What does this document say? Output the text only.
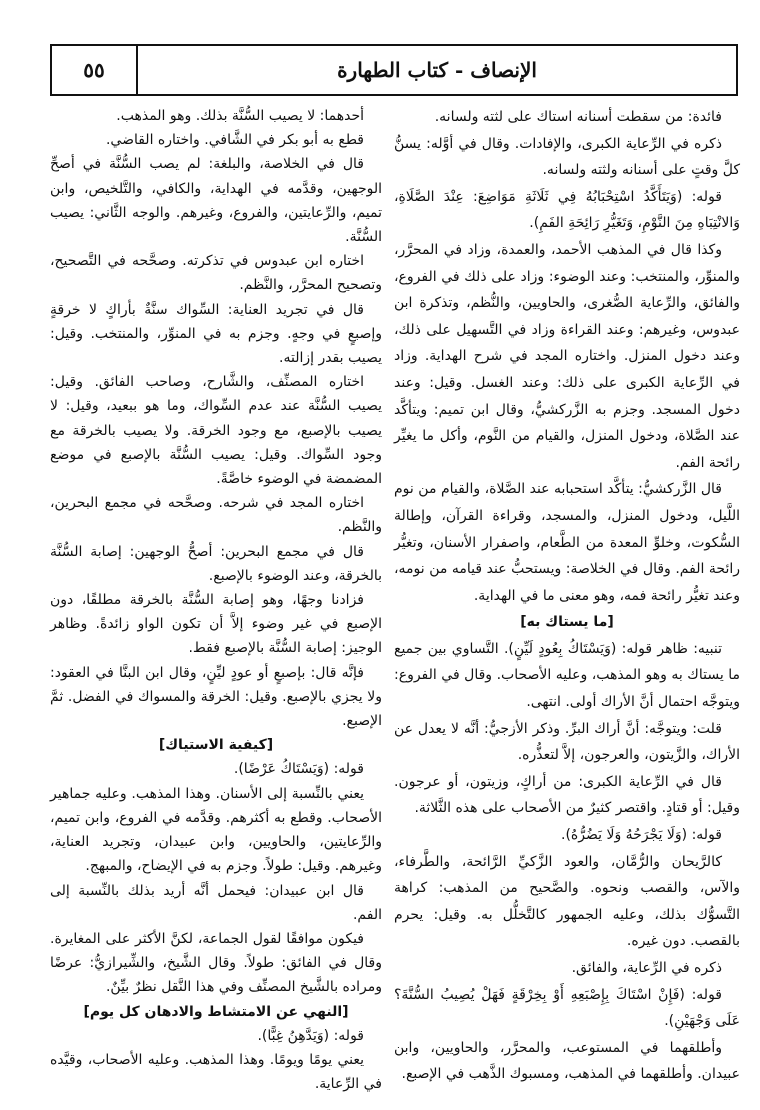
٥٥	الإنصاف - كتاب الطهارة

فائدة: من سقطت أسنانه استاك على لثته ولسانه.

ذكره في الرِّعاية الكبرى، والإفادات. وقال في أوَّله: يسنُّ كلَّ وقتٍ على أسنانه ولثته ولسانه.

قوله: (وَيَتَأَكَّدُ اسْتِحْبَابُهُ فِي ثَلَاثَةِ مَوَاضِعَ: عِنْدَ الصَّلَاةِ، وَالانْتِبَاهِ مِنَ النَّوْمِ، وَتَغَيُّرِ رَائِحَةِ الفَمِ).

وكذا قال في المذهب الأحمد، والعمدة، وزاد في المحرَّر، والمنوِّر، والمنتخب: وعند الوضوء: وزاد على ذلك في الفروع، والفائق، والرِّعاية الصُّغرى، والحاويين، والنُّظم، وتذكرة ابن عبدوس، وغيرهم: وعند القراءة وزاد في التَّسهيل على ذلك، وعند دخول المنزل. واختاره المجد في شرح الهداية. وزاد في الرِّعاية الكبرى على ذلك: وعند الغسل. وقيل: وعند دخول المسجد. وجزم به الزَّركشيُّ، وقال ابن تميم: ويتأكَّد عند الصَّلاة، ودخول المنزل، والقيام من النَّوم، وأكل ما يغيِّر رائحة الفم.

قال الزَّركشيُّ: يتأكَّد استحبابه عند الصَّلاة، والقيام من نوم اللَّيل، ودخول المنزل، والمسجد، وقراءة القرآن، وإطالة السُّكوت، وخلوِّ المعدة من الطَّعام، واصفرار الأسنان، وتغيُّر رائحة الفم. وقال في الخلاصة: ويستحبُّ عند قيامه من نومه، وعند تغيُّر رائحة فمه، وهو معنى ما في الهداية.

[ما يستاك به]

تنبيه: ظاهر قوله: (وَيَسْتَاكُ بِعُودٍ لَيِّنٍ). التَّساوي بين جميع ما يستاك به وهو المذهب، وعليه الأصحاب. وقال في الفروع: ويتوجَّه احتمال أنَّ الأراك أولى. انتهى.

قلت: ويتوجَّه: أنَّ أراك البرِّ. وذكر الأزجيُّ: أنَّه لا يعدل عن الأراك، والزَّيتون، والعرجون، إلاَّ لتعذُّره.

قال في الرِّعاية الكبرى: من أراكٍ، وزيتون، أو عرجون. وقيل: أو قتادٍ. واقتصر كثيرٌ من الأصحاب على هذه الثَّلاثة.

قوله: (وَلَا يَجْرَحُهُ وَلَا يَضُرُّهُ).

كالرَّيحان والرُّمَّان، والعود الزَّكيِّ الرَّائحة، والطَّرفاء، والآس، والقصب ونحوه. والصَّحيح من المذهب: كراهة التَّسوُّك بذلك، وعليه الجمهور كالتَّخلُّل به. وقيل: يحرم بالقصب. دون غيره.

ذكره في الرِّعاية، والفائق.

قوله: (فَإِنْ اسْتَاكَ بِإِصْبَعِهِ أَوْ بِخِرْقَةٍ فَهَلْ يُصِيبُ السُّنَّةَ؟ عَلَى وَجْهَيْنِ).

وأطلقهما في المستوعب، والمحرَّر، والحاويين، وابن عبيدان. وأطلقهما في المذهب، ومسبوك الذَّهب في الإصبع.

أحدهما: لا يصيب السُّنَّة بذلك. وهو المذهب.

قطع به أبو بكر في الشَّافي. واختاره القاضي.

قال في الخلاصة، والبلغة: لم يصب السُّنَّة في أصحِّ الوجهين، وقدَّمه في الهداية، والكافي، والتَّلخيص، وابن تميم، والرِّعايتين، والفروع، وغيرهم. والوجه الثَّاني: يصيب السُّنَّة.

اختاره ابن عبدوس في تذكرته. وصحَّحه في التَّصحيح، وتصحيح المحرَّر، والنَّظم.

قال في تجريد العناية: السِّواك سنَّةٌ بأراكٍ لا خرقةٍ وإصبعٍ في وجهٍ. وجزم به في المنوِّر، والمنتخب. وقيل: يصيب بقدر إزالته.

اختاره المصنِّف، والشَّارح، وصاحب الفائق. وقيل: يصيب السُّنَّة عند عدم السِّواك، وما هو ببعيد، وقيل: لا يصيب بالإصبع، مع وجود الخرقة. ولا يصيب بالخرقة مع وجود السِّواك. وقيل: يصيب السُّنَّة بالإصبع في موضع المضمضة في الوضوء خاصَّةً.

اختاره المجد في شرحه. وصحَّحه في مجمع البحرين، والنَّظم.

قال في مجمع البحرين: أصحُّ الوجهين: إصابة السُّنَّة بالخرقة، وعند الوضوء بالإصبع.

فزادنا وجهًا، وهو إصابة السُّنَّة بالخرقة مطلقًا، دون الإصبع في غير وضوء إلاَّ أن تكون الواو زائدةً. وظاهر الوجيز: إصابة السُّنَّة بالإصبع فقط.

فإنَّه قال: بإصبعٍ أو عودٍ ليِّنٍ، وقال ابن البنَّا في العقود: ولا يجزي بالإصبع. وقيل: الخرقة والمسواك في الفضل. ثمَّ الإصبع.

[كيفية الاستياك]

قوله: (وَيَسْتَاكُ عَرْضًا).

يعني بالنِّسبة إلى الأسنان. وهذا المذهب. وعليه جماهير الأصحاب. وقطع به أكثرهم. وقدَّمه في الفروع، وابن تميم، والرِّعايتين، والحاويين، وابن عبيدان، وتجريد العناية، وغيرهم. وقيل: طولاً. وجزم به في الإيضاح، والمبهج.

قال ابن عبيدان: فيحمل أنَّه أريد بذلك بالنِّسبة إلى الفم.

فيكون موافقًا لقول الجماعة، لكنَّ الأكثر على المغايرة. وقال في الفائق: طولاً. وقال الشَّيخ، والشِّيرازيُّ: عرضًا ومراده بالشَّيخ المصنِّف وفي هذا النَّقل نظرٌ بيِّنٌ.

[النهي عن الامتشاط والادهان كل يوم]

قوله: (وَيَدَّهِنُ غِبًّا).

يعني يومًا ويومًا. وهذا المذهب. وعليه الأصحاب، وقيَّده في الرِّعاية.
